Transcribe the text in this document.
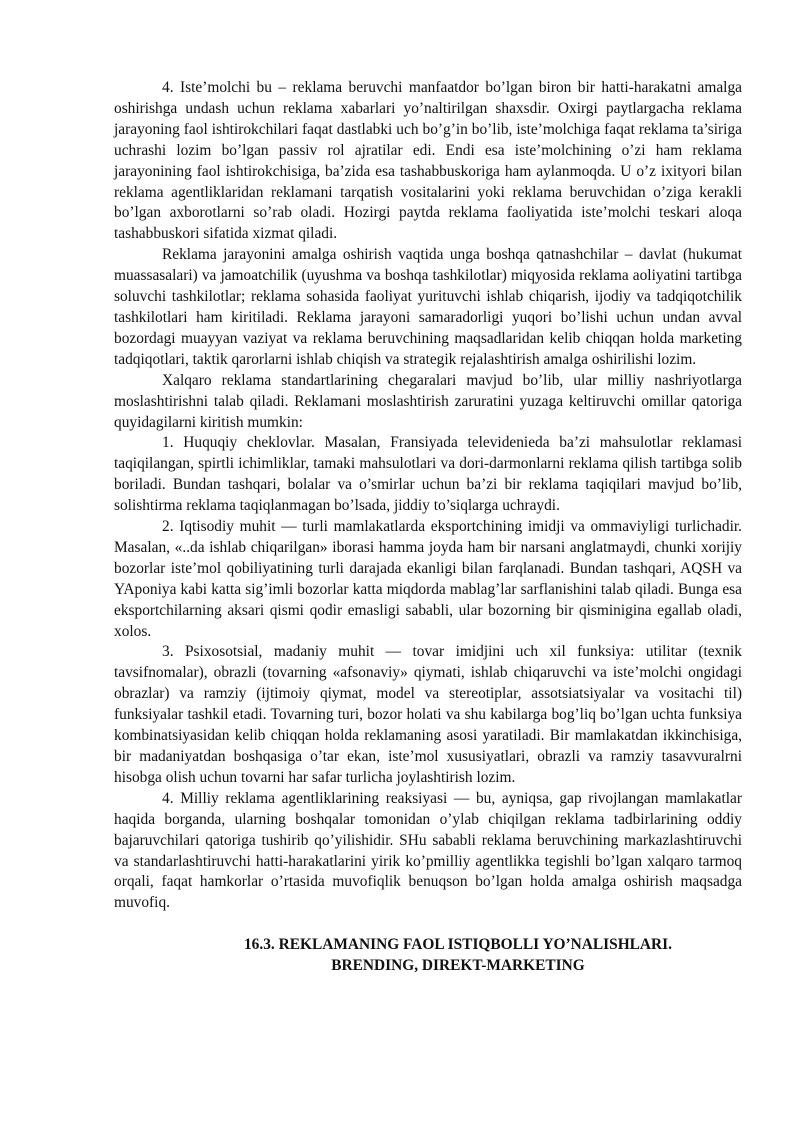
4. Iste’molchi bu – reklama beruvchi manfaatdor bo’lgan biron bir hatti-harakatni amalga oshirishga undash uchun reklama xabarlari yo’naltirilgan shaxsdir. Oxirgi paytlargacha reklama jarayoning faol ishtirokchilari faqat dastlabki uch bo’g’in bo’lib, iste’molchiga faqat reklama ta’siriga uchrashi lozim bo’lgan passiv rol ajratilar edi. Endi esa iste’molchining o’zi ham reklama jarayonining faol ishtirokchisiga, ba’zida esa tashabbuskoriga ham aylanmoqda. U o’z ixityori bilan reklama agentliklaridan reklamani tarqatish vositalarini yoki reklama beruvchidan o’ziga kerakli bo’lgan axborotlarni so’rab oladi. Hozirgi paytda reklama faoliyatida iste’molchi teskari aloqa tashabbuskori sifatida xizmat qiladi.

Reklama jarayonini amalga oshirish vaqtida unga boshqa qatnashchilar – davlat (hukumat muassasalari) va jamoatchilik (uyushma va boshqa tashkilotlar) miqyosida reklama aoliyatini tartibga soluvchi tashkilotlar; reklama sohasida faoliyat yurituvchi ishlab chiqarish, ijodiy va tadqiqotchilik tashkilotlari ham kiritiladi. Reklama jarayoni samaradorligi yuqori bo’lishi uchun undan avval bozordagi muayyan vaziyat va reklama beruvchining maqsadlaridan kelib chiqqan holda marketing tadqiqotlari, taktik qarorlarni ishlab chiqish va strategik rejalashtirish amalga oshirilishi lozim.

Xalqaro reklama standartlarining chegaralari mavjud bo’lib, ular milliy nashriyotlarga moslashtirishni talab qiladi. Reklamani moslashtirish zaruratini yuzaga keltiruvchi omillar qatoriga quyidagilarni kiritish mumkin:

1. Huquqiy cheklovlar. Masalan, Fransiyada televidenieda ba’zi mahsulotlar reklamasi taqiqilangan, spirtli ichimliklar, tamaki mahsulotlari va dori-darmonlarni reklama qilish tartibga solib boriladi. Bundan tashqari, bolalar va o’smirlar uchun ba’zi bir reklama taqiqilari mavjud bo’lib, solishtirma reklama taqiqlanmagan bo’lsada, jiddiy to’siqlarga uchraydi.

2. Iqtisodiy muhit — turli mamlakatlarda eksportchining imidji va ommaviyligi turlichadir. Masalan, «..da ishlab chiqarilgan» iborasi hamma joyda ham bir narsani anglatmaydi, chunki xorijiy bozorlar iste’mol qobiliyatining turli darajada ekanligi bilan farqlanadi. Bundan tashqari, AQSH va YAponiya kabi katta sig’imli bozorlar katta miqdorda mablag’lar sarflanishini talab qiladi. Bunga esa eksportchilarning aksari qismi qodir emasligi sababli, ular bozorning bir qisminigina egallab oladi, xolos.

3. Psixosotsial, madaniy muhit — tovar imidjini uch xil funksiya: utilitar (texnik tavsifnomalar), obrazli (tovarning «afsonaviy» qiymati, ishlab chiqaruvchi va iste’molchi ongidagi obrazlar) va ramziy (ijtimoiy qiymat, model va stereotiplar, assotsiatsiyalar va vositachi til) funksiyalar tashkil etadi. Tovarning turi, bozor holati va shu kabilarga bog’liq bo’lgan uchta funksiya kombinatsiyasidan kelib chiqqan holda reklamaning asosi yaratiladi. Bir mamlakatdan ikkinchisiga, bir madaniyatdan boshqasiga o’tar ekan, iste’mol xususiyatlari, obrazli va ramziy tasavvuralrni hisobga olish uchun tovarni har safar turlicha joylashtirish lozim.

4. Milliy reklama agentliklarining reaksiyasi — bu, ayniqsa, gap rivojlangan mamlakatlar haqida borganda, ularning boshqalar tomonidan o’ylab chiqilgan reklama tadbirlarining oddiy bajaruvchilari qatoriga tushirib qo’yilishidir. SHu sababli reklama beruvchining markazlashtiruvchi va standarlashtiruvchi hatti-harakatlarini yirik ko’pmilliy agentlikka tegishli bo’lgan xalqaro tarmoq orqali, faqat hamkorlar o’rtasida muvofiqlik benuqson bo’lgan holda amalga oshirish maqsadga muvofiq.

16.3. REKLAMANING FAOL ISTIQBOLLI YO’NALISHLARI.
BRENDING, DIREKT-MARKETING
